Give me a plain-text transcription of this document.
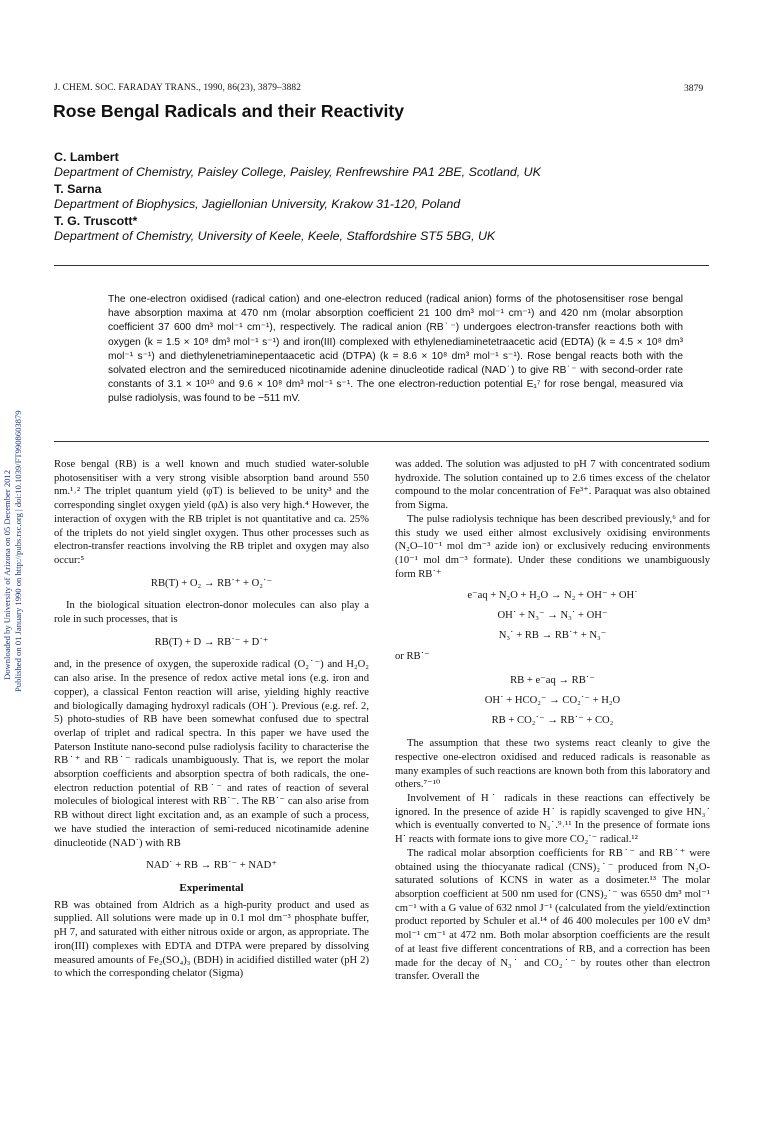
Downloaded by University of Arizona on 05 December 2012 Published on 01 January 1990 on http://pubs.rsc.org | doi:10.1039/FT9908603879
J. CHEM. SOC. FARADAY TRANS., 1990, 86(23), 3879–3882	3879
Rose Bengal Radicals and their Reactivity
C. Lambert
Department of Chemistry, Paisley College, Paisley, Renfrewshire PA1 2BE, Scotland, UK
T. Sarna
Department of Biophysics, Jagiellonian University, Krakow 31-120, Poland
T. G. Truscott*
Department of Chemistry, University of Keele, Keele, Staffordshire ST5 5BG, UK
The one-electron oxidised (radical cation) and one-electron reduced (radical anion) forms of the photosensitiser rose bengal have absorption maxima at 470 nm (molar absorption coefficient 21 100 dm³ mol⁻¹ cm⁻¹) and 420 nm (molar absorption coefficient 37 600 dm³ mol⁻¹ cm⁻¹), respectively. The radical anion (RB˙⁻) undergoes electron-transfer reactions both with oxygen (k = 1.5 × 10⁸ dm³ mol⁻¹ s⁻¹) and iron(III) complexed with ethylenediaminetetraacetic acid (EDTA) (k = 4.5 × 10⁸ dm³ mol⁻¹ s⁻¹) and diethylenetriaminepentaacetic acid (DTPA) (k = 8.6 × 10⁸ dm³ mol⁻¹ s⁻¹). Rose bengal reacts both with the solvated electron and the semireduced nicotinamide adenine dinucleotide radical (NAD˙) to give RB˙⁻ with second-order rate constants of 3.1 × 10¹⁰ and 9.6 × 10⁸ dm³ mol⁻¹ s⁻¹. The one electron-reduction potential E₁⁷ for rose bengal, measured via pulse radiolysis, was found to be −511 mV.

Rose bengal (RB) is a well known and much studied water-soluble photosensitiser with a very strong visible absorption band around 550 nm.¹˒² The triplet quantum yield (φT) is believed to be unity³ and the corresponding singlet oxygen yield (φΔ) is also very high.⁴ However, the interaction of oxygen with the RB triplet is not quantitative and ca. 25% of the triplets do not yield singlet oxygen. Thus other processes such as electron-transfer reactions involving the RB triplet and oxygen may also occur:⁵

RB(T) + O₂ → RB˙⁺ + O₂˙⁻

In the biological situation electron-donor molecules can also play a role in such processes, that is

RB(T) + D → RB˙⁻ + D˙⁺

and, in the presence of oxygen, the superoxide radical (O₂˙⁻) and H₂O₂ can also arise. In the presence of redox active metal ions (e.g. iron and copper), a classical Fenton reaction will arise, yielding highly reactive and biologically damaging hydroxyl radicals (OH˙). Previous (e.g. ref. 2, 5) photo-studies of RB have been somewhat confused due to spectral overlap of triplet and radical spectra. In this paper we have used the Paterson Institute nano-second pulse radiolysis facility to characterise the RB˙⁺ and RB˙⁻ radicals unambiguously. That is, we report the molar absorption coefficients and absorption spectra of both radicals, the one-electron reduction potential of RB˙⁻ and rates of reaction of several molecules of biological interest with RB˙⁻. The RB˙⁻ can also arise from RB without direct light excitation and, as an example of such a process, we have studied the interaction of semi-reduced nicotinamide adenine dinucleotide (NAD˙) with RB

NAD˙ + RB → RB˙⁻ + NAD⁺
Experimental

RB was obtained from Aldrich as a high-purity product and used as supplied. All solutions were made up in 0.1 mol dm⁻³ phosphate buffer, pH 7, and saturated with either nitrous oxide or argon, as appropriate. The iron(III) complexes with EDTA and DTPA were prepared by dissolving measured amounts of Fe₂(SO₄)₃ (BDH) in acidified distilled water (pH 2) to which the corresponding chelator (Sigma)

was added. The solution was adjusted to pH 7 with concentrated sodium hydroxide. The solution contained up to 2.6 times excess of the chelator compound to the molar concentration of Fe³⁺. Paraquat was also obtained from Sigma.

The pulse radiolysis technique has been described previously,⁶ and for this study we used either almost exclusively oxidising environments (N₂O–10⁻¹ mol dm⁻³ azide ion) or exclusively reducing environments (10⁻¹ mol dm⁻³ formate). Under these conditions we unambiguously form RB˙⁺

e⁻aq + N₂O + H₂O → N₂ + OH⁻ + OH˙
OH˙ + N₃⁻ → N₃˙ + OH⁻
N₃˙ + RB → RB˙⁺ + N₃⁻

or RB˙⁻

RB + e⁻aq → RB˙⁻
OH˙ + HCO₂⁻ → CO₂˙⁻ + H₂O
RB + CO₂˙⁻ → RB˙⁻ + CO₂

The assumption that these two systems react cleanly to give the respective one-electron oxidised and reduced radicals is reasonable as many examples of such reactions are known both from this laboratory and others.⁷⁻¹⁰

Involvement of H˙ radicals in these reactions can effectively be ignored. In the presence of azide H˙ is rapidly scavenged to give HN₃˙ which is eventually converted to N₃˙.⁹˒¹¹ In the presence of formate ions H˙ reacts with formate ions to give more CO₂˙⁻ radical.¹²

The radical molar absorption coefficients for RB˙⁻ and RB˙⁺ were obtained using the thiocyanate radical (CNS)₂˙⁻ produced from N₂O-saturated solutions of KCNS in water as a dosimeter.¹³ The molar absorption coefficient at 500 nm used for (CNS)₂˙⁻ was 6550 dm³ mol⁻¹ cm⁻¹ with a G value of 632 nmol J⁻¹ (calculated from the yield/extinction product reported by Schuler et al.¹⁴ of 46 400 molecules per 100 eV dm³ mol⁻¹ cm⁻¹ at 472 nm. Both molar absorption coefficients are the result of at least five different concentrations of RB, and a correction has been made for the decay of N₃˙ and CO₂˙⁻ by routes other than electron transfer. Overall the
